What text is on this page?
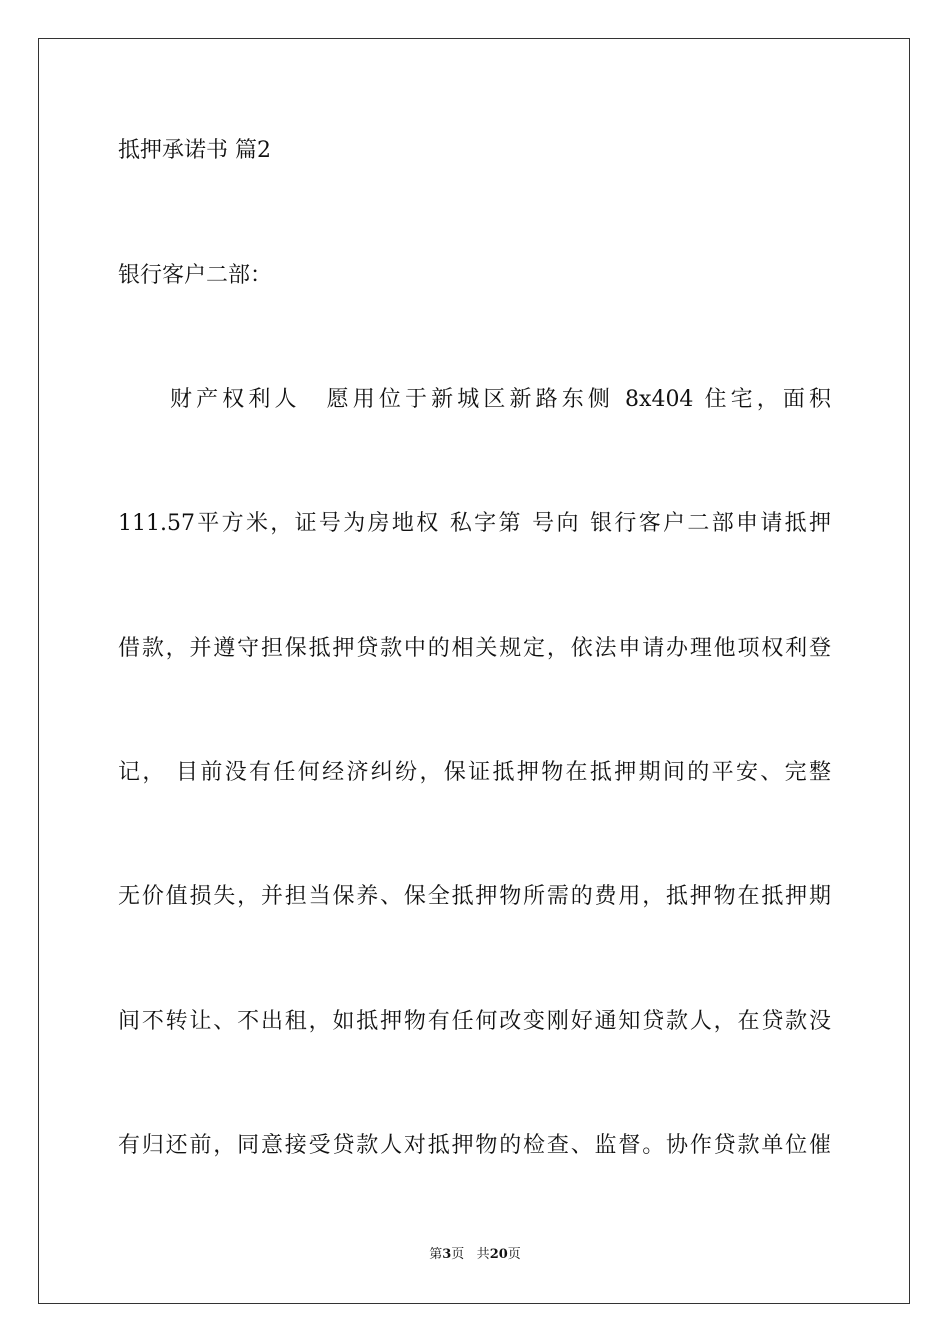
抵押承诺书 篇2
银行客户二部：
财产权利人　愿用位于新城区新路东侧 8x404 住宅，面积
111.57平方米，证号为房地权 私字第 号向 银行客户二部申请抵押
借款，并遵守担保抵押贷款中的相关规定，依法申请办理他项权利登
记， 目前没有任何经济纠纷，保证抵押物在抵押期间的平安、完整
无价值损失，并担当保养、保全抵押物所需的费用，抵押物在抵押期
间不转让、不出租，如抵押物有任何改变刚好通知贷款人，在贷款没
有归还前，同意接受贷款人对抵押物的检查、监督。协作贷款单位催
第3页 共20页
